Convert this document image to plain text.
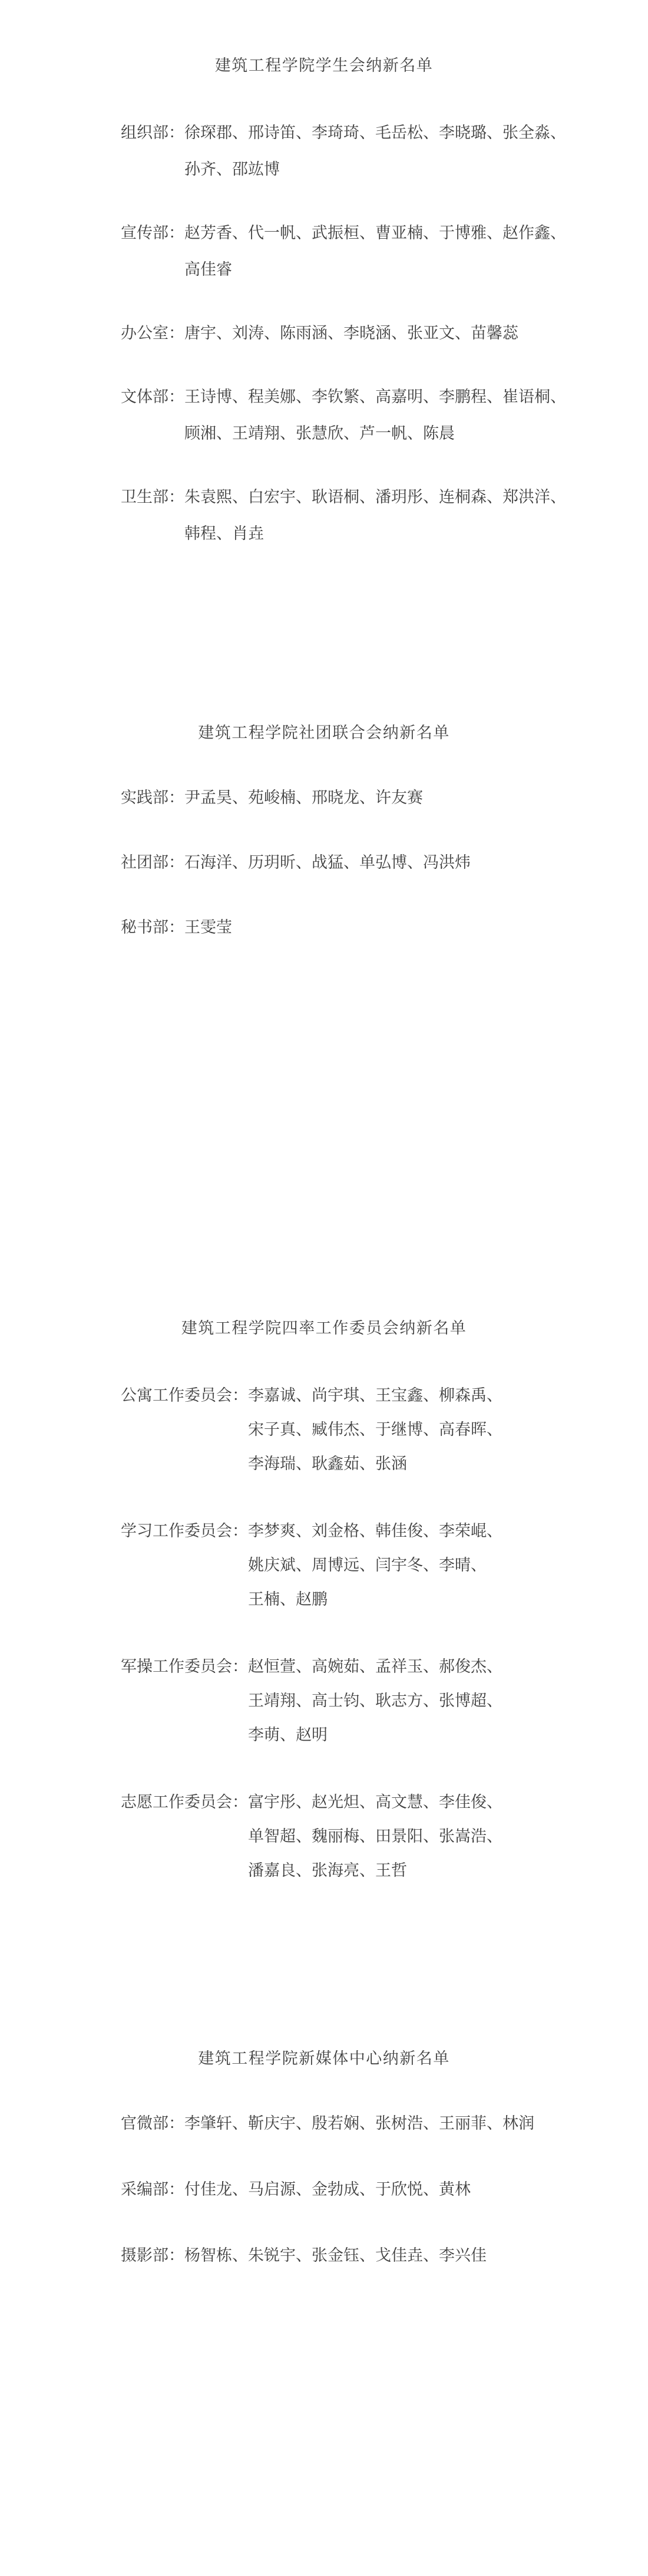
建筑工程学院学生会纳新名单
组织部： 徐琛郡、邢诗笛、李琦琦、毛岳松、李晓璐、张全淼、
孙齐、邵竑博
宣传部： 赵芳香、代一帆、武振桓、曹亚楠、于博雅、赵作鑫、
高佳睿
办公室： 唐宇、刘涛、陈雨涵、李晓涵、张亚文、苗馨蕊
文体部： 王诗博、程美娜、李钦繁、高嘉明、李鹏程、崔语桐、
顾湘、王靖翔、张慧欣、芦一帆、陈晨
卫生部： 朱袁熙、白宏宇、耿语桐、潘玥彤、连桐森、郑洪洋、
韩程、肖垚
建筑工程学院社团联合会纳新名单
实践部： 尹孟昊、苑峻楠、邢晓龙、许友赛
社团部： 石海洋、历玥昕、战猛、单弘博、冯洪炜
秘书部： 王雯莹
建筑工程学院四率工作委员会纳新名单
公寓工作委员会： 李嘉诚、尚宇琪、王宝鑫、柳森禹、
宋子真、臧伟杰、于继博、高春晖、
李海瑞、耿鑫茹、张涵
学习工作委员会： 李梦爽、刘金格、韩佳俊、李荣崐、
姚庆斌、周博远、闫宇冬、李晴、
王楠、赵鹏
军操工作委员会： 赵恒萱、高婉茹、孟祥玉、郝俊杰、
王靖翔、高士钧、耿志方、张博超、
李萌、赵明
志愿工作委员会： 富宇彤、赵光炟、高文慧、李佳俊、
单智超、魏丽梅、田景阳、张嵩浩、
潘嘉良、张海亮、王哲
建筑工程学院新媒体中心纳新名单
官微部： 李肇轩、靳庆宇、殷若娴、张树浩、王丽菲、林润
采编部： 付佳龙、马启源、金勃成、于欣悦、黄林
摄影部： 杨智栋、朱锐宇、张金钰、戈佳垚、李兴佳
